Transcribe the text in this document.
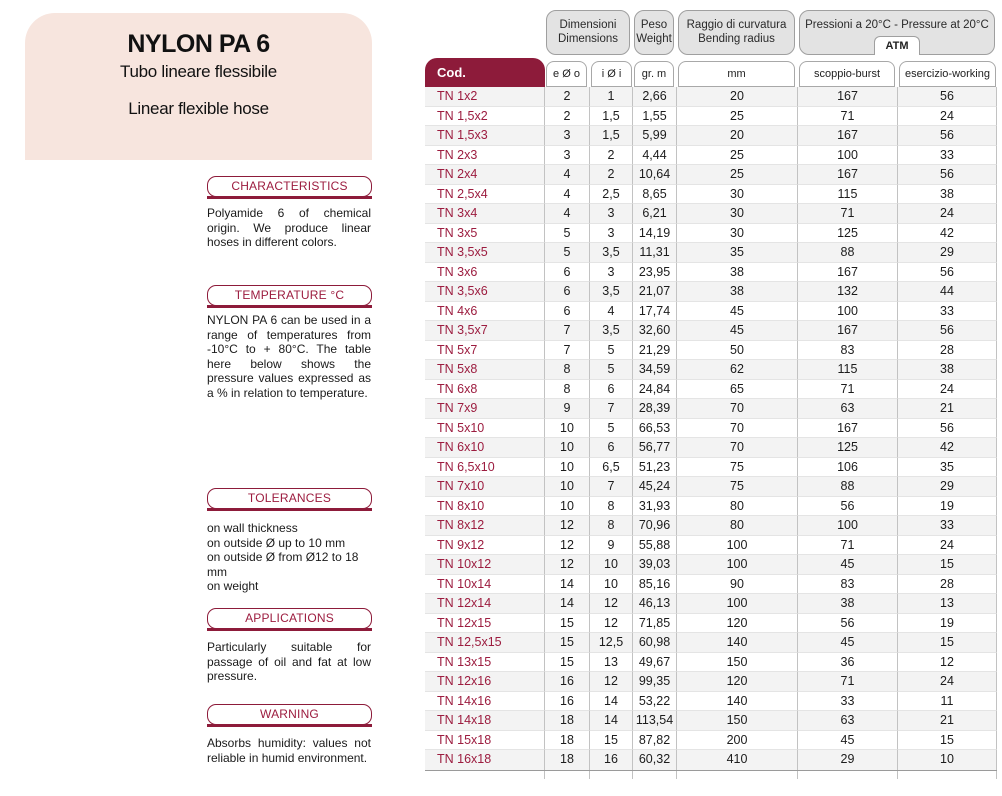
NYLON PA 6
Tubo lineare flessibile
Linear flexible hose
CHARACTERISTICS
Polyamide 6 of chemical origin. We produce linear hoses in different colors.
TEMPERATURE °C
NYLON PA 6 can be used in a range of temperatures from -10°C to + 80°C. The table here below shows the pressure values expressed as a % in relation to temperature.
TOLERANCES
on wall thickness
on outside Ø up to 10 mm
on outside Ø from Ø12 to 18 mm
on weight
APPLICATIONS
Particularly suitable for passage of oil and fat at low pressure.
WARNING
Absorbs humidity: values not reliable in humid environment.
Dimensioni
Dimensions
Peso
Weight
Raggio di curvatura
Bending radius
Pressioni a 20°C - Pressure at 20°C
ATM
Cod.	e Ø o	i Ø i	gr. m	mm	scoppio-burst	esercizio-working
TN 1x2	2	1	2,66	20	167	56
TN 1,5x2	2	1,5	1,55	25	71	24
TN 1,5x3	3	1,5	5,99	20	167	56
TN 2x3	3	2	4,44	25	100	33
TN 2x4	4	2	10,64	25	167	56
TN 2,5x4	4	2,5	8,65	30	115	38
TN 3x4	4	3	6,21	30	71	24
TN 3x5	5	3	14,19	30	125	42
TN 3,5x5	5	3,5	11,31	35	88	29
TN 3x6	6	3	23,95	38	167	56
TN 3,5x6	6	3,5	21,07	38	132	44
TN 4x6	6	4	17,74	45	100	33
TN 3,5x7	7	3,5	32,60	45	167	56
TN 5x7	7	5	21,29	50	83	28
TN 5x8	8	5	34,59	62	115	38
TN 6x8	8	6	24,84	65	71	24
TN 7x9	9	7	28,39	70	63	21
TN 5x10	10	5	66,53	70	167	56
TN 6x10	10	6	56,77	70	125	42
TN 6,5x10	10	6,5	51,23	75	106	35
TN 7x10	10	7	45,24	75	88	29
TN 8x10	10	8	31,93	80	56	19
TN 8x12	12	8	70,96	80	100	33
TN 9x12	12	9	55,88	100	71	24
TN 10x12	12	10	39,03	100	45	15
TN 10x14	14	10	85,16	90	83	28
TN 12x14	14	12	46,13	100	38	13
TN 12x15	15	12	71,85	120	56	19
TN 12,5x15	15	12,5	60,98	140	45	15
TN 13x15	15	13	49,67	150	36	12
TN 12x16	16	12	99,35	120	71	24
TN 14x16	16	14	53,22	140	33	11
TN 14x18	18	14	113,54	150	63	21
TN 15x18	18	15	87,82	200	45	15
TN 16x18	18	16	60,32	410	29	10
